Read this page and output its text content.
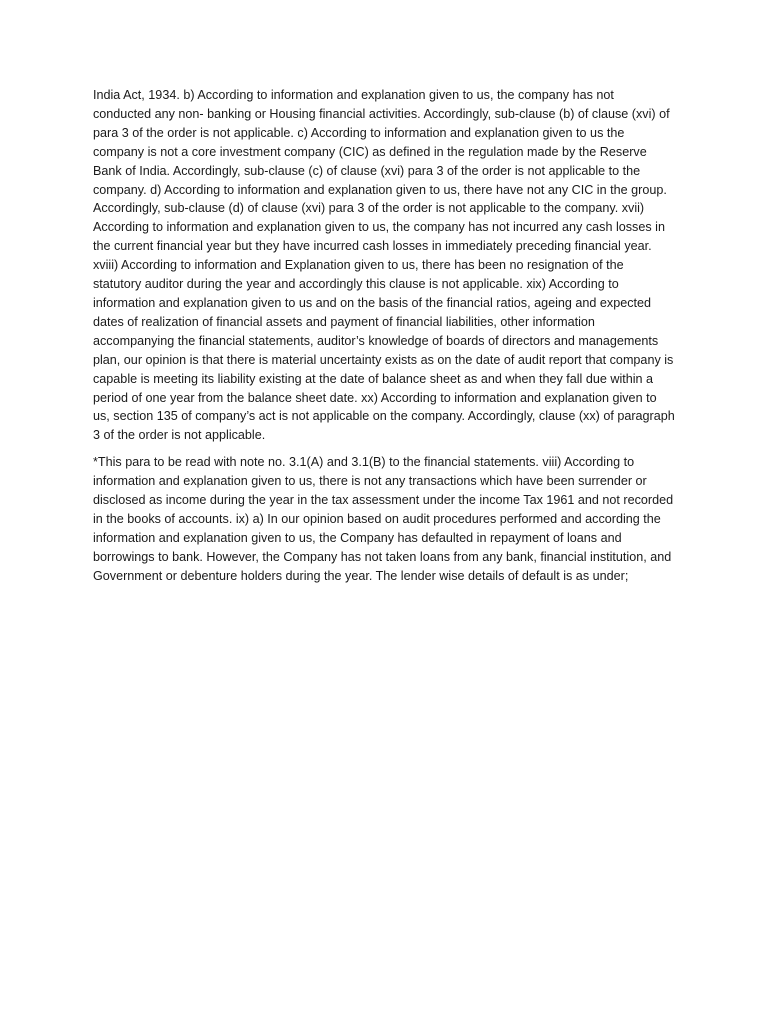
India Act, 1934. b) According to information and explanation given to us, the company has not conducted any non- banking or Housing financial activities. Accordingly, sub-clause (b) of clause (xvi) of para 3 of the order is not applicable. c) According to information and explanation given to us the company is not a core investment company (CIC) as defined in the regulation made by the Reserve Bank of India. Accordingly, sub-clause (c) of clause (xvi) para 3 of the order is not applicable to the company. d) According to information and explanation given to us, there have not any CIC in the group. Accordingly, sub-clause (d) of clause (xvi) para 3 of the order is not applicable to the company. xvii) According to information and explanation given to us, the company has not incurred any cash losses in the current financial year but they have incurred cash losses in immediately preceding financial year. xviii) According to information and Explanation given to us, there has been no resignation of the statutory auditor during the year and accordingly this clause is not applicable. xix) According to information and explanation given to us and on the basis of the financial ratios, ageing and expected dates of realization of financial assets and payment of financial liabilities, other information accompanying the financial statements, auditor’s knowledge of boards of directors and managements plan, our opinion is that there is material uncertainty exists as on the date of audit report that company is capable is meeting its liability existing at the date of balance sheet as and when they fall due within a period of one year from the balance sheet date. xx) According to information and explanation given to us, section 135 of company’s act is not applicable on the company. Accordingly, clause (xx) of paragraph 3 of the order is not applicable.

*This para to be read with note no. 3.1(A) and 3.1(B) to the financial statements. viii) According to information and explanation given to us, there is not any transactions which have been surrender or disclosed as income during the year in the tax assessment under the income Tax 1961 and not recorded in the books of accounts. ix) a) In our opinion based on audit procedures performed and according the information and explanation given to us, the Company has defaulted in repayment of loans and borrowings to bank. However, the Company has not taken loans from any bank, financial institution, and Government or debenture holders during the year. The lender wise details of default is as under;
